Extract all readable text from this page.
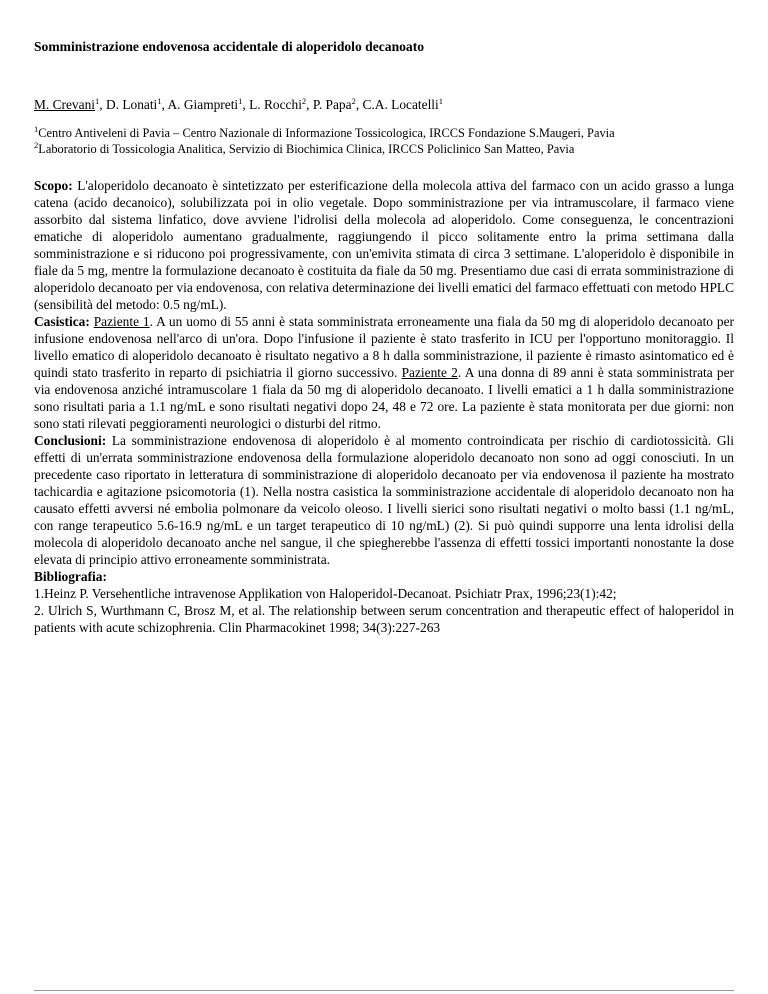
Somministrazione endovenosa accidentale di aloperidolo decanoato

M. Crevani$^1$, D. Lonati$^1$, A. Giampreti$^1$, L. Rocchi$^2$, P. Papa$^2$, C.A. Locatelli$^1$
$^1$Centro Antiveleni di Pavia – Centro Nazionale di Informazione Tossicologica, IRCCS Fondazione S.Maugeri, Pavia
$^2$Laboratorio di Tossicologia Analitica, Servizio di Biochimica Clinica, IRCCS Policlinico San Matteo, Pavia

Scopo: L'aloperidolo decanoato è sintetizzato per esterificazione della molecola attiva del farmaco con un acido grasso a lunga catena (acido decanoico), solubilizzata poi in olio vegetale. Dopo somministrazione per via intramuscolare, il farmaco viene assorbito dal sistema linfatico, dove avviene l'idrolisi della molecola ad aloperidolo. Come conseguenza, le concentrazioni ematiche di aloperidolo aumentano gradualmente, raggiungendo il picco solitamente entro la prima settimana dalla somministrazione e si riducono poi progressivamente, con un'emivita stimata di circa 3 settimane. L'aloperidolo è disponibile in fiale da 5 mg, mentre la formulazione decanoato è costituita da fiale da 50 mg. Presentiamo due casi di errata somministrazione di aloperidolo decanoato per via endovenosa, con relativa determinazione dei livelli ematici del farmaco effettuati con metodo HPLC (sensibilità del metodo: 0.5 ng/mL).

Casistica: Paziente 1. A un uomo di 55 anni è stata somministrata erroneamente una fiala da 50 mg di aloperidolo decanoato per infusione endovenosa nell'arco di un'ora. Dopo l'infusione il paziente è stato trasferito in ICU per l'opportuno monitoraggio. Il livello ematico di aloperidolo decanoato è risultato negativo a 8 h dalla somministrazione, il paziente è rimasto asintomatico ed è quindi stato trasferito in reparto di psichiatria il giorno successivo. Paziente 2. A una donna di 89 anni è stata somministrata per via endovenosa anziché intramuscolare 1 fiala da 50 mg di aloperidolo decanoato. I livelli ematici a 1 h dalla somministrazione sono risultati paria a 1.1 ng/mL e sono risultati negativi dopo 24, 48 e 72 ore. La paziente è stata monitorata per due giorni: non sono stati rilevati peggioramenti neurologici o disturbi del ritmo.

Conclusioni: La somministrazione endovenosa di aloperidolo è al momento controindicata per rischio di cardiotossicità. Gli effetti di un'errata somministrazione endovenosa della formulazione aloperidolo decanoato non sono ad oggi conosciuti. In un precedente caso riportato in letteratura di somministrazione di aloperidolo decanoato per via endovenosa il paziente ha mostrato tachicardia e agitazione psicomotoria (1). Nella nostra casistica la somministrazione accidentale di aloperidolo decanoato non ha causato effetti avversi né embolia polmonare da veicolo oleoso. I livelli sierici sono risultati negativi o molto bassi (1.1 ng/mL, con range terapeutico 5.6-16.9 ng/mL e un target terapeutico di 10 ng/mL) (2). Si può quindi supporre una lenta idrolisi della molecola di aloperidolo decanoato anche nel sangue, il che spiegherebbe l'assenza di effetti tossici importanti nonostante la dose elevata di principio attivo erroneamente somministrata.

Bibliografia:

1.Heinz P. Versehentliche intravenose Applikation von Haloperidol-Decanoat. Psichiatr Prax, 1996;23(1):42;

2. Ulrich S, Wurthmann C, Brosz M, et al. The relationship between serum concentration and therapeutic effect of haloperidol in patients with acute schizophrenia. Clin Pharmacokinet 1998; 34(3):227-263
